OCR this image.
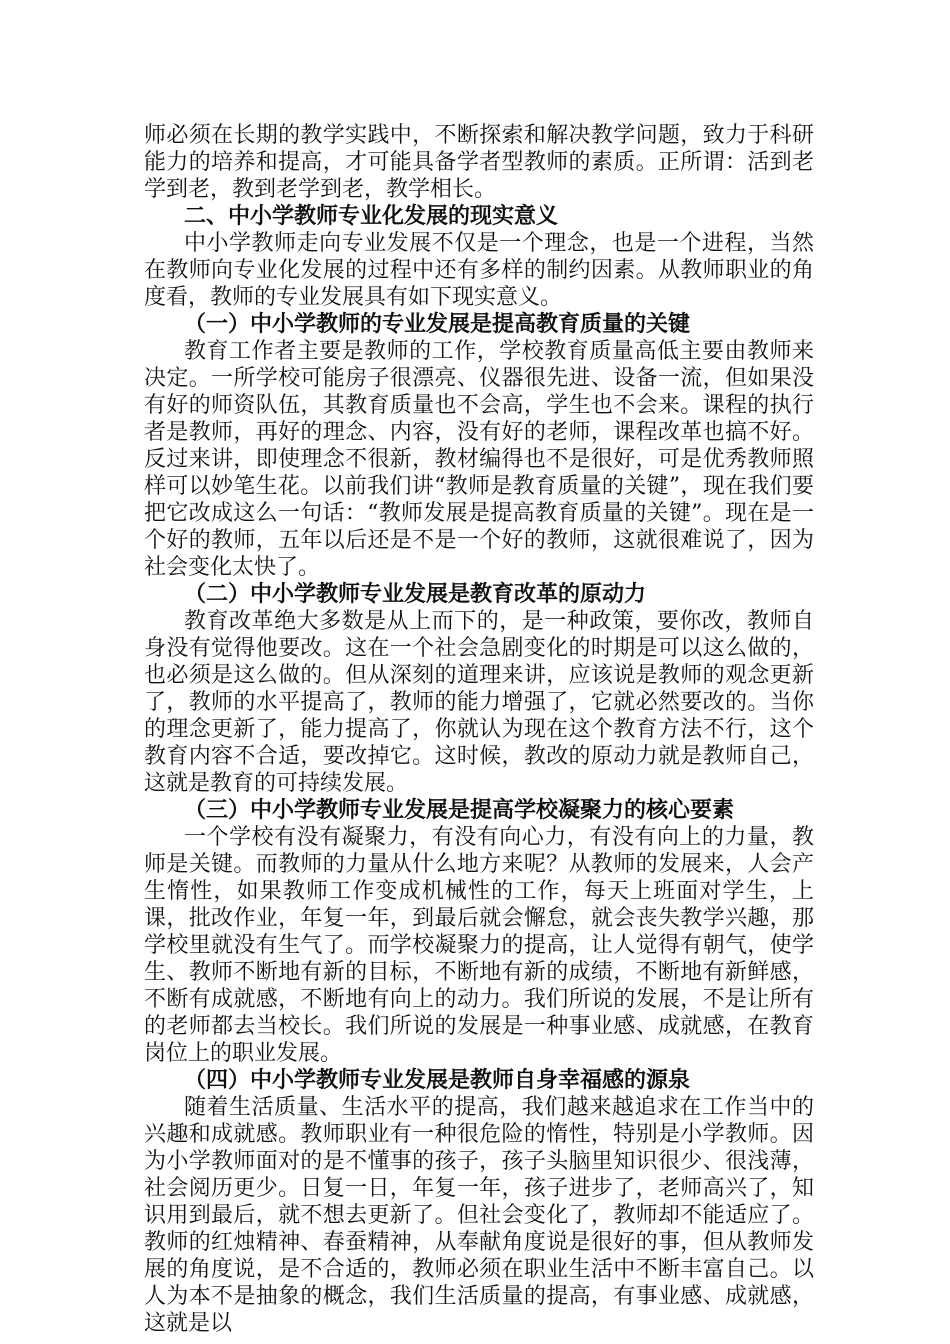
师必须在长期的教学实践中，不断探索和解决教学问题，致力于科研能力的培养和提高，才可能具备学者型教师的素质。正所谓：活到老学到老，教到老学到老，教学相长。

二、中小学教师专业化发展的现实意义

中小学教师走向专业发展不仅是一个理念，也是一个进程，当然在教师向专业化发展的过程中还有多样的制约因素。从教师职业的角度看，教师的专业发展具有如下现实意义。

（一）中小学教师的专业发展是提高教育质量的关键

教育工作者主要是教师的工作，学校教育质量高低主要由教师来决定。一所学校可能房子很漂亮、仪器很先进、设备一流，但如果没有好的师资队伍，其教育质量也不会高，学生也不会来。课程的执行者是教师，再好的理念、内容，没有好的老师，课程改革也搞不好。反过来讲，即使理念不很新，教材编得也不是很好，可是优秀教师照样可以妙笔生花。以前我们讲“教师是教育质量的关键”，现在我们要把它改成这么一句话：“教师发展是提高教育质量的关键”。现在是一个好的教师，五年以后还是不是一个好的教师，这就很难说了，因为社会变化太快了。

（二）中小学教师专业发展是教育改革的原动力

教育改革绝大多数是从上而下的，是一种政策，要你改，教师自身没有觉得他要改。这在一个社会急剧变化的时期是可以这么做的，也必须是这么做的。但从深刻的道理来讲，应该说是教师的观念更新了，教师的水平提高了，教师的能力增强了，它就必然要改的。当你的理念更新了，能力提高了，你就认为现在这个教育方法不行，这个教育内容不合适，要改掉它。这时候，教改的原动力就是教师自己，这就是教育的可持续发展。

（三）中小学教师专业发展是提高学校凝聚力的核心要素

一个学校有没有凝聚力，有没有向心力，有没有向上的力量，教师是关键。而教师的力量从什么地方来呢？从教师的发展来，人会产生惰性，如果教师工作变成机械性的工作，每天上班面对学生，上课，批改作业，年复一年，到最后就会懈怠，就会丧失教学兴趣，那学校里就没有生气了。而学校凝聚力的提高，让人觉得有朝气，使学生、教师不断地有新的目标，不断地有新的成绩，不断地有新鲜感，不断有成就感，不断地有向上的动力。我们所说的发展，不是让所有的老师都去当校长。我们所说的发展是一种事业感、成就感，在教育岗位上的职业发展。

（四）中小学教师专业发展是教师自身幸福感的源泉

随着生活质量、生活水平的提高，我们越来越追求在工作当中的兴趣和成就感。教师职业有一种很危险的惰性，特别是小学教师。因为小学教师面对的是不懂事的孩子，孩子头脑里知识很少、很浅薄，社会阅历更少。日复一日，年复一年，孩子进步了，老师高兴了，知识用到最后，就不想去更新了。但社会变化了，教师却不能适应了。教师的红烛精神、春蚕精神，从奉献角度说是很好的事，但从教师发展的角度说，是不合适的，教师必须在职业生活中不断丰富自己。以人为本不是抽象的概念，我们生活质量的提高，有事业感、成就感，这就是以
